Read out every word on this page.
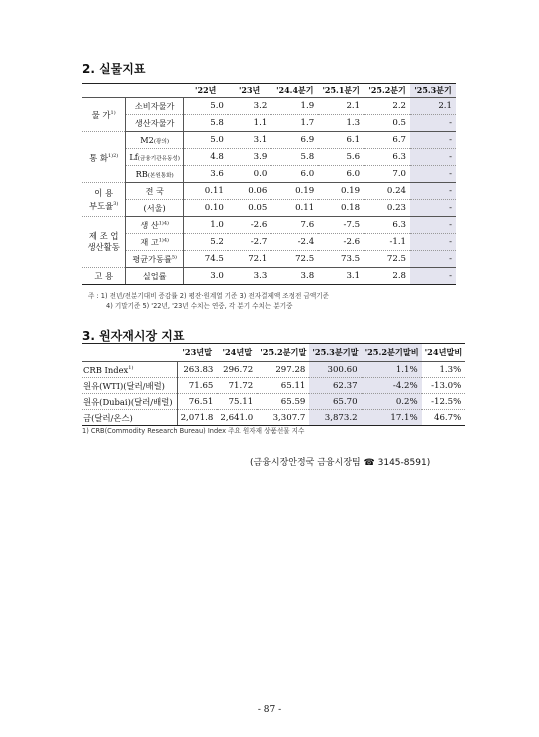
2. 실물지표
		'22년	'23년	'24.4분기	'25.1분기	'25.2분기	'25.3분기
물 가$^{1)}$	소비자물가	5.0	3.2	1.9	2.1	2.2	2.1
	생산자물가	5.8	1.1	1.7	1.3	0.5	-
통 화$^{1)2)}$	M2(광의)	5.0	3.1	6.9	6.1	6.7	-
	Lf(금융기관유동성)	4.8	3.9	5.8	5.6	6.3	-
	RB(본원통화)	3.6	0.0	6.0	6.0	7.0	-
이 용
부도율$^{3)}$	전 국	0.11	0.06	0.19	0.19	0.24	-
	(서울)	0.10	0.05	0.11	0.18	0.23	-
제 조 업
생산활동	생 산$^{1)4)}$	1.0	-2.6	7.6	-7.5	6.3	-
	재 고$^{1)4)}$	5.2	-2.7	-2.4	-2.6	-1.1	-
	평균가동률$^{5)}$	74.5	72.1	72.5	73.5	72.5	-
고 용	실업률	3.0	3.3	3.8	3.1	2.8	-
주 : 1) 전년/전분기대비 증감률 2) 평잔·원계열 기준 3) 전자결제액 조정전 금액기준
4) 기말기준 5) '22년, '23년 수치는 연중, 각 분기 수치는 분기중
3. 원자재시장 지표
	'23년말	'24년말	'25.2분기말	'25.3분기말	'25.2분기말비	'24년말비
CRB Index$^{1)}$	263.83	296.72	297.28	300.60	1.1%	1.3%
원유(WTI)(달러/배럴)	71.65	71.72	65.11	62.37	-4.2%	-13.0%
원유(Dubai)(달러/배럴)	76.51	75.11	65.59	65.70	0.2%	-12.5%
금(달러/온스)	2,071.8	2,641.0	3,307.7	3,873.2	17.1%	46.7%
1) CRB(Commodity Research Bureau) Index 주요 원자재 상품선물 지수
(금융시장안정국 금융시장팀 ☎ 3145-8591)
- 87 -
